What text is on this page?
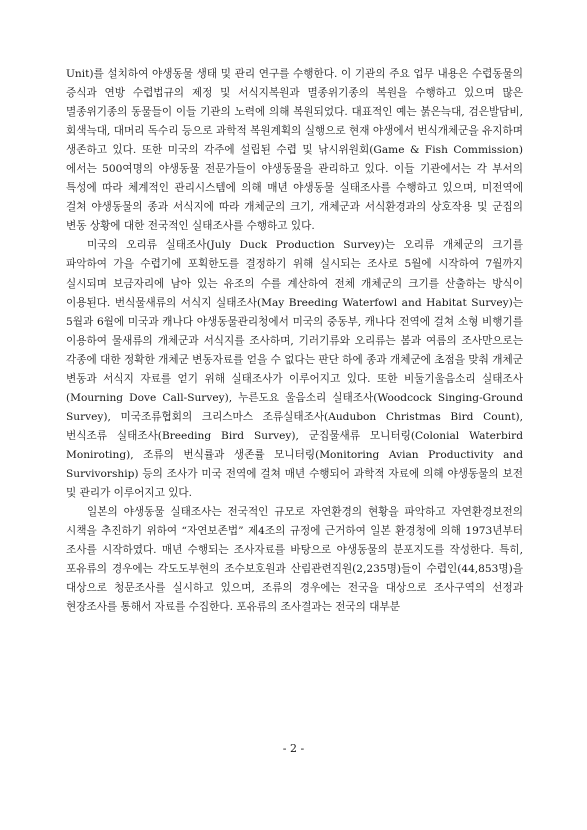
Unit)를 설치하여 야생동물 생태 및 관리 연구를 수행한다. 이 기관의 주요 업무 내용은 수렵동물의 증식과 연방 수렵법규의 제정 및 서식지복원과 멸종위기종의 복원을 수행하고 있으며 많은 멸종위기종의 동물들이 이들 기관의 노력에 의해 복원되었다. 대표적인 예는 붉은늑대, 검은발담비, 회색늑대, 대머리 독수리 등으로 과학적 복원계획의 실행으로 현재 야생에서 번식개체군을 유지하며 생존하고 있다. 또한 미국의 각주에 설립된 수렵 및 낚시위원회(Game & Fish Commission)에서는 500여명의 야생동물 전문가들이 야생동물을 관리하고 있다. 이들 기관에서는 각 부서의 특성에 따라 체계적인 관리시스템에 의해 매년 야생동물 실태조사를 수행하고 있으며, 미전역에 걸쳐 야생동물의 종과 서식지에 따라 개체군의 크기, 개체군과 서식환경과의 상호작용 및 군집의 변동 상황에 대한 전국적인 실태조사를 수행하고 있다.

미국의 오리류 실태조사(July Duck Production Survey)는 오리류 개체군의 크기를 파악하여 가을 수렵기에 포획한도를 결정하기 위해 실시되는 조사로 5월에 시작하여 7월까지 실시되며 보금자리에 남아 있는 유조의 수를 계산하여 전체 개체군의 크기를 산출하는 방식이 이용된다. 번식물새류의 서식지 실태조사(May Breeding Waterfowl and Habitat Survey)는 5월과 6월에 미국과 캐나다 야생동물관리청에서 미국의 중동부, 캐나다 전역에 걸쳐 소형 비행기를 이용하여 물새류의 개체군과 서식지를 조사하며, 기러기류와 오리류는 봄과 여름의 조사만으로는 각종에 대한 정확한 개체군 변동자료를 얻을 수 없다는 판단 하에 종과 개체군에 초점을 맞춰 개체군 변동과 서식지 자료를 얻기 위해 실태조사가 이루어지고 있다. 또한 비둘기울음소리 실태조사(Mourning Dove Call-Survey), 누른도요 울음소리 실태조사(Woodcock Singing-Ground Survey), 미국조류협회의 크리스마스 조류실태조사(Audubon Christmas Bird Count), 번식조류 실태조사(Breeding Bird Survey), 군집물새류 모니터링(Colonial Waterbird Moniroting), 조류의 번식률과 생존률 모니터링(Monitoring Avian Productivity and Survivorship) 등의 조사가 미국 전역에 걸쳐 매년 수행되어 과학적 자료에 의해 야생동물의 보전 및 관리가 이루어지고 있다.

일본의 야생동물 실태조사는 전국적인 규모로 자연환경의 현황을 파악하고 자연환경보전의 시책을 추진하기 위하여 “자연보존법” 제4조의 규정에 근거하여 일본 환경청에 의해 1973년부터 조사를 시작하였다. 매년 수행되는 조사자료를 바탕으로 야생동물의 분포지도를 작성한다. 특히, 포유류의 경우에는 각도도부현의 조수보호원과 산림관련직원(2,235명)들이 수렵인(44,853명)을 대상으로 청문조사를 실시하고 있으며, 조류의 경우에는 전국을 대상으로 조사구역의 선정과 현장조사를 통해서 자료를 수집한다. 포유류의 조사결과는 전국의 대부분

- 2 -
